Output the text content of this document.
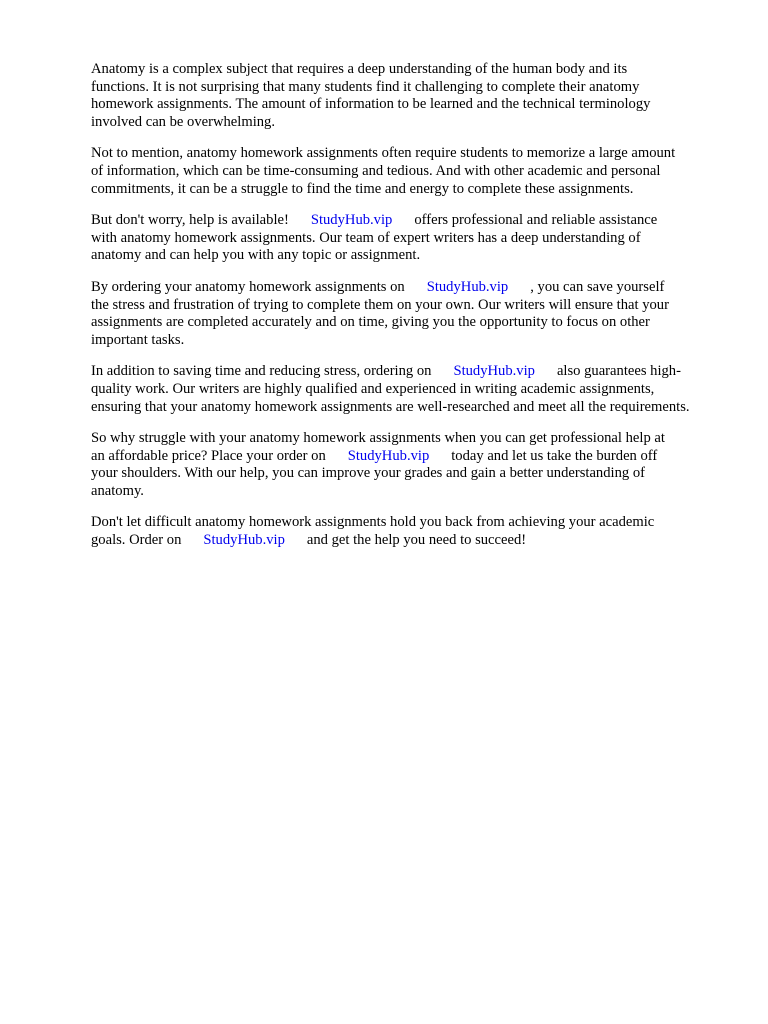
Anatomy is a complex subject that requires a deep understanding of the human body and its
functions. It is not surprising that many students find it challenging to complete their anatomy
homework assignments. The amount of information to be learned and the technical terminology
involved can be overwhelming.

Not to mention, anatomy homework assignments often require students to memorize a large amount
of information, which can be time-consuming and tedious. And with other academic and personal
commitments, it can be a struggle to find the time and energy to complete these assignments.

But don't worry, help is available! StudyHub.vip offers professional and reliable assistance
with anatomy homework assignments. Our team of expert writers has a deep understanding of
anatomy and can help you with any topic or assignment.

By ordering your anatomy homework assignments on StudyHub.vip , you can save yourself
the stress and frustration of trying to complete them on your own. Our writers will ensure that your
assignments are completed accurately and on time, giving you the opportunity to focus on other
important tasks.

In addition to saving time and reducing stress, ordering on StudyHub.vip also guarantees high-
quality work. Our writers are highly qualified and experienced in writing academic assignments,
ensuring that your anatomy homework assignments are well-researched and meet all the requirements.

So why struggle with your anatomy homework assignments when you can get professional help at
an affordable price? Place your order on StudyHub.vip today and let us take the burden off
your shoulders. With our help, you can improve your grades and gain a better understanding of
anatomy.

Don't let difficult anatomy homework assignments hold you back from achieving your academic
goals. Order on StudyHub.vip and get the help you need to succeed!
